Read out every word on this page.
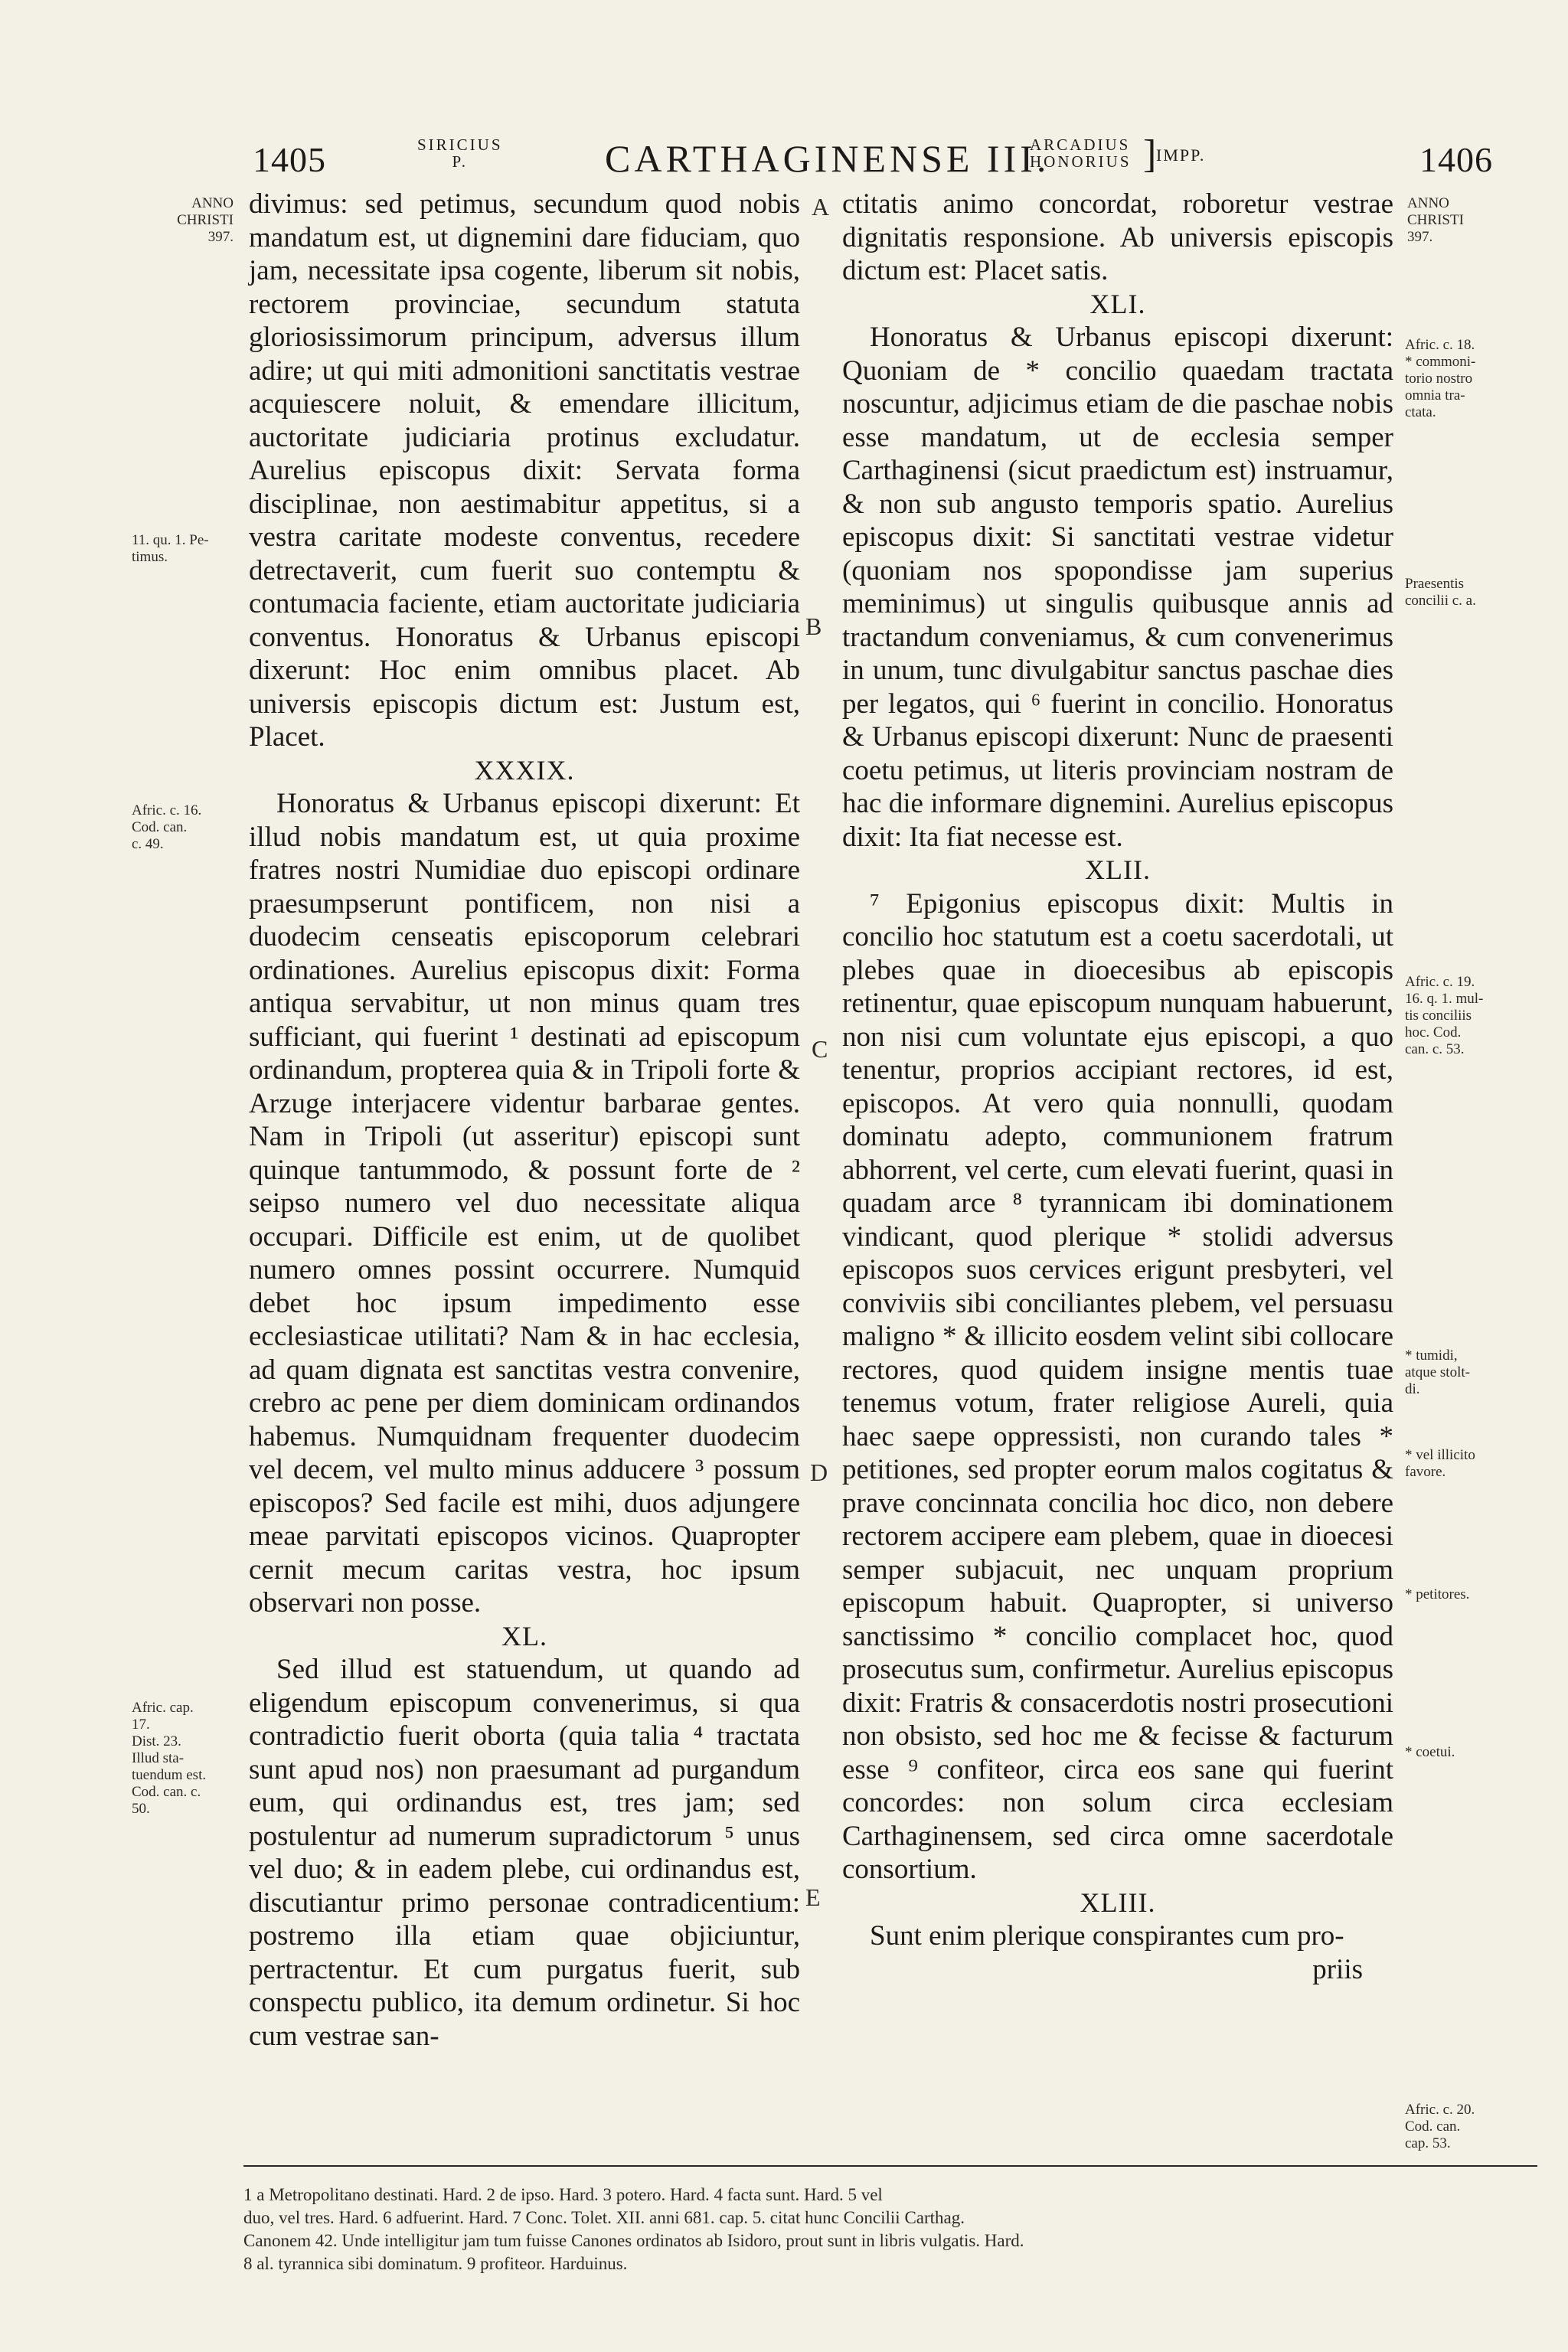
1405	SIRICIUS
P.	CARTHAGINENSE III.
ARCADIUS
HONORIUS ] IMPP.	1406
ANNO
CHRISTI
397.
11. qu. 1. Pe-
timus.
Afric. c. 16.
Cod. can.
c. 49.
Afric. cap.
17.
Dist. 23.
Illud sta-
tuendum est.
Cod. can. c.
50.
ANNO
CHRISTI
397.
Afric. c. 18.
* commoni-
torio nostro
omnia tra-
ctata.
Praesentis
concilii c. a.
Afric. c. 19.
16. q. 1. mul-
tis conciliis
hoc. Cod.
can. c. 53.
* tumidi,
atque stolt-
di.
* vel illicito
favore.
* petitores.
* coetui.
Afric. c. 20.
Cod. can.
cap. 53.
A
B
C
D
E

divimus: sed petimus, secundum quod nobis mandatum est, ut dignemini dare fiduciam, quo jam, necessitate ipsa cogente, liberum sit nobis, rectorem provinciae, secundum statuta gloriosissimorum principum, adversus illum adire; ut qui miti admonitioni sanctitatis vestrae acquiescere noluit, & emendare illicitum, auctoritate judiciaria protinus excludatur. Aurelius episcopus dixit: Servata forma disciplinae, non aestimabitur appetitus, si a vestra caritate modeste conventus, recedere detrectaverit, cum fuerit suo contemptu & contumacia faciente, etiam auctoritate judiciaria conventus. Honoratus & Urbanus episcopi dixerunt: Hoc enim omnibus placet. Ab universis episcopis dictum est: Justum est, Placet.

XXXIX.

Honoratus & Urbanus episcopi dixerunt: Et illud nobis mandatum est, ut quia proxime fratres nostri Numidiae duo episcopi ordinare praesumpserunt pontificem, non nisi a duodecim censeatis episcoporum celebrari ordinationes. Aurelius episcopus dixit: Forma antiqua servabitur, ut non minus quam tres sufficiant, qui fuerint ¹ destinati ad episcopum ordinandum, propterea quia & in Tripoli forte & Arzuge interjacere videntur barbarae gentes. Nam in Tripoli (ut asseritur) episcopi sunt quinque tantummodo, & possunt forte de ² seipso numero vel duo necessitate aliqua occupari. Difficile est enim, ut de quolibet numero omnes possint occurrere. Numquid debet hoc ipsum impedimento esse ecclesiasticae utilitati? Nam & in hac ecclesia, ad quam dignata est sanctitas vestra convenire, crebro ac pene per diem dominicam ordinandos habemus. Numquidnam frequenter duodecim vel decem, vel multo minus adducere ³ possum episcopos? Sed facile est mihi, duos adjungere meae parvitati episcopos vicinos. Quapropter cernit mecum caritas vestra, hoc ipsum observari non posse.

XL.

Sed illud est statuendum, ut quando ad eligendum episcopum convenerimus, si qua contradictio fuerit oborta (quia talia ⁴ tractata sunt apud nos) non praesumant ad purgandum eum, qui ordinandus est, tres jam; sed postulentur ad numerum supradictorum ⁵ unus vel duo; & in eadem plebe, cui ordinandus est, discutiantur primo personae contradicentium: postremo illa etiam quae objiciuntur, pertractentur. Et cum purgatus fuerit, sub conspectu publico, ita demum ordinetur. Si hoc cum vestrae san-

ctitatis animo concordat, roboretur vestrae dignitatis responsione. Ab universis episcopis dictum est: Placet satis.

XLI.

Honoratus & Urbanus episcopi dixerunt: Quoniam de * concilio quaedam tractata noscuntur, adjicimus etiam de die paschae nobis esse mandatum, ut de ecclesia semper Carthaginensi (sicut praedictum est) instruamur, & non sub angusto temporis spatio. Aurelius episcopus dixit: Si sanctitati vestrae videtur (quoniam nos spopondisse jam superius meminimus) ut singulis quibusque annis ad tractandum conveniamus, & cum convenerimus in unum, tunc divulgabitur sanctus paschae dies per legatos, qui ⁶ fuerint in concilio. Honoratus & Urbanus episcopi dixerunt: Nunc de praesenti coetu petimus, ut literis provinciam nostram de hac die informare dignemini. Aurelius episcopus dixit: Ita fiat necesse est.

XLII.

⁷ Epigonius episcopus dixit: Multis in concilio hoc statutum est a coetu sacerdotali, ut plebes quae in dioecesibus ab episcopis retinentur, quae episcopum nunquam habuerunt, non nisi cum voluntate ejus episcopi, a quo tenentur, proprios accipiant rectores, id est, episcopos. At vero quia nonnulli, quodam dominatu adepto, communionem fratrum abhorrent, vel certe, cum elevati fuerint, quasi in quadam arce ⁸ tyrannicam ibi dominationem vindicant, quod plerique * stolidi adversus episcopos suos cervices erigunt presbyteri, vel conviviis sibi conciliantes plebem, vel persuasu maligno * & illicito eosdem velint sibi collocare rectores, quod quidem insigne mentis tuae tenemus votum, frater religiose Aureli, quia haec saepe oppressisti, non curando tales * petitiones, sed propter eorum malos cogitatus & prave concinnata concilia hoc dico, non debere rectorem accipere eam plebem, quae in dioecesi semper subjacuit, nec unquam proprium episcopum habuit. Quapropter, si universo sanctissimo * concilio complacet hoc, quod prosecutus sum, confirmetur. Aurelius episcopus dixit: Fratris & consacerdotis nostri prosecutioni non obsisto, sed hoc me & fecisse & facturum esse ⁹ confiteor, circa eos sane qui fuerint concordes: non solum circa ecclesiam Carthaginensem, sed circa omne sacerdotale consortium.

XLIII.

Sunt enim plerique conspirantes cum pro-

priis

1 a Metropolitano destinati. Hard. 2 de ipso. Hard. 3 potero. Hard. 4 facta sunt. Hard. 5 vel

duo, vel tres. Hard. 6 adfuerint. Hard. 7 Conc. Tolet. XII. anni 681. cap. 5. citat hunc Concilii Carthag.

Canonem 42. Unde intelligitur jam tum fuisse Canones ordinatos ab Isidoro, prout sunt in libris vulgatis. Hard.

8 al. tyrannica sibi dominatum. 9 profiteor. Harduinus.
